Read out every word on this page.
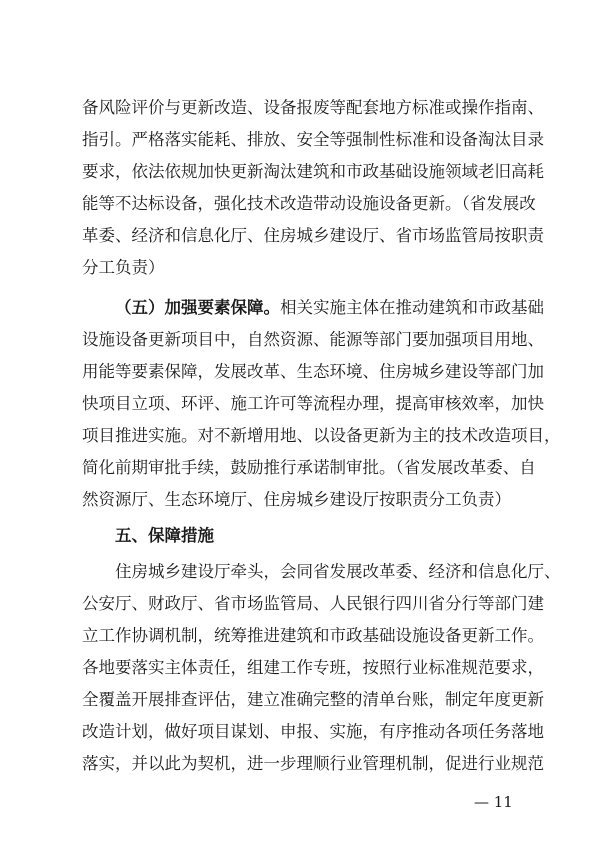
备风险评价与更新改造、设备报废等配套地方标准或操作指南、
指引。严格落实能耗、排放、安全等强制性标准和设备淘汰目录
要求，依法依规加快更新淘汰建筑和市政基础设施领域老旧高耗
能等不达标设备，强化技术改造带动设施设备更新。（省发展改
革委、经济和信息化厅、住房城乡建设厅、省市场监管局按职责
分工负责）
（五）加强要素保障。相关实施主体在推动建筑和市政基础
设施设备更新项目中，自然资源、能源等部门要加强项目用地、
用能等要素保障，发展改革、生态环境、住房城乡建设等部门加
快项目立项、环评、施工许可等流程办理，提高审核效率，加快
项目推进实施。对不新增用地、以设备更新为主的技术改造项目，
简化前期审批手续，鼓励推行承诺制审批。（省发展改革委、自
然资源厅、生态环境厅、住房城乡建设厅按职责分工负责）
五、保障措施
住房城乡建设厅牵头，会同省发展改革委、经济和信息化厅、
公安厅、财政厅、省市场监管局、人民银行四川省分行等部门建
立工作协调机制，统筹推进建筑和市政基础设施设备更新工作。
各地要落实主体责任，组建工作专班，按照行业标准规范要求，
全覆盖开展排查评估，建立准确完整的清单台账，制定年度更新
改造计划，做好项目谋划、申报、实施，有序推动各项任务落地
落实，并以此为契机，进一步理顺行业管理机制，促进行业规范
— 11
